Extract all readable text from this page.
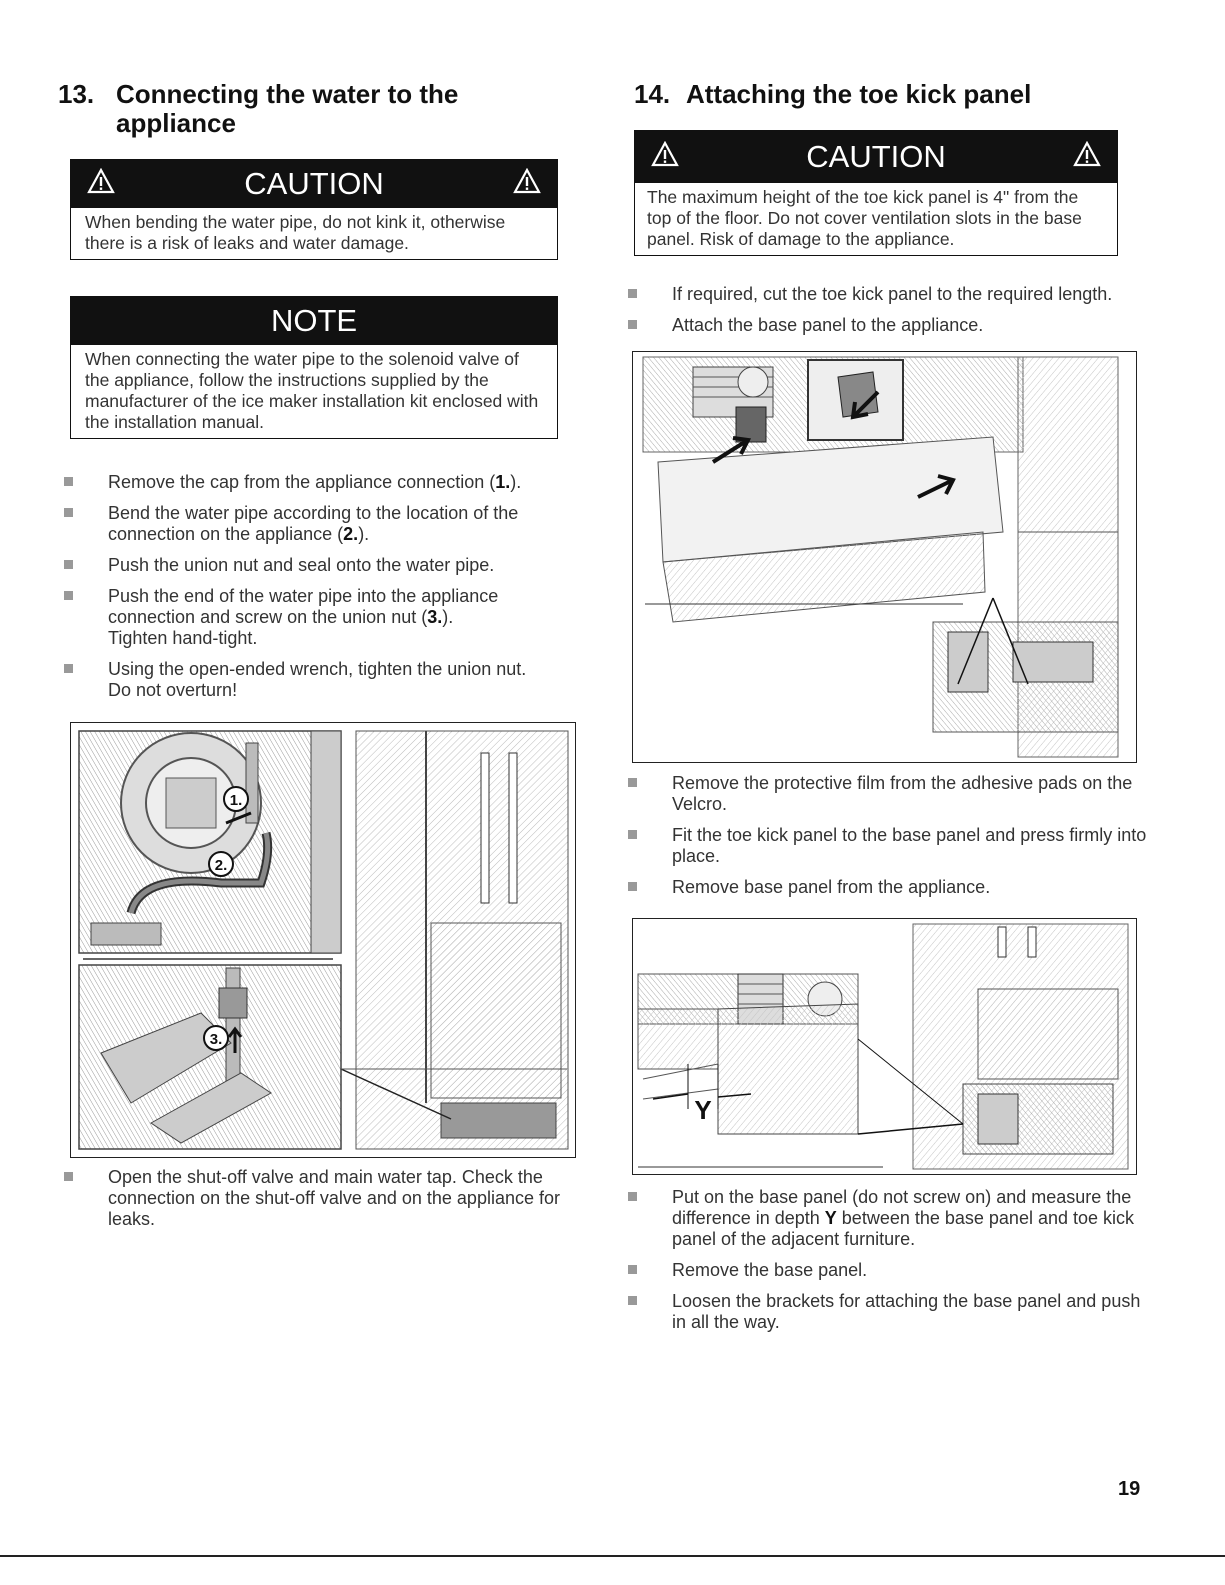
13. Connecting the water to the
appliance
CAUTION
When bending the water pipe, do not kink it, otherwise there is a risk of leaks and water damage.
NOTE
When connecting the water pipe to the solenoid valve of the appliance, follow the instructions supplied by the manufacturer of the ice maker installation kit enclosed with the installation manual.
Remove the cap from the appliance connection (1.).
Bend the water pipe according to the location of the connection on the appliance (2.).
Push the union nut and seal onto the water pipe.
Push the end of the water pipe into the appliance connection and screw on the union nut (3.).
Tighten hand-tight.
Using the open-ended wrench, tighten the union nut.
Do not overturn!
1.
2.
3.
Open the shut-off valve and main water tap. Check the connection on the shut-off valve and on the appliance for leaks.
14. Attaching the toe kick panel
CAUTION
The maximum height of the toe kick panel is 4" from the top of the floor. Do not cover ventilation slots in the base panel. Risk of damage to the appliance.
If required, cut the toe kick panel to the required length.
Attach the base panel to the appliance.
Remove the protective film from the adhesive pads on the Velcro.
Fit the toe kick panel to the base panel and press firmly into place.
Remove base panel from the appliance.
Y
Put on the base panel (do not screw on) and measure the difference in depth Y between the base panel and toe kick panel of the adjacent furniture.
Remove the base panel.
Loosen the brackets for attaching the base panel and push in all the way.
19
